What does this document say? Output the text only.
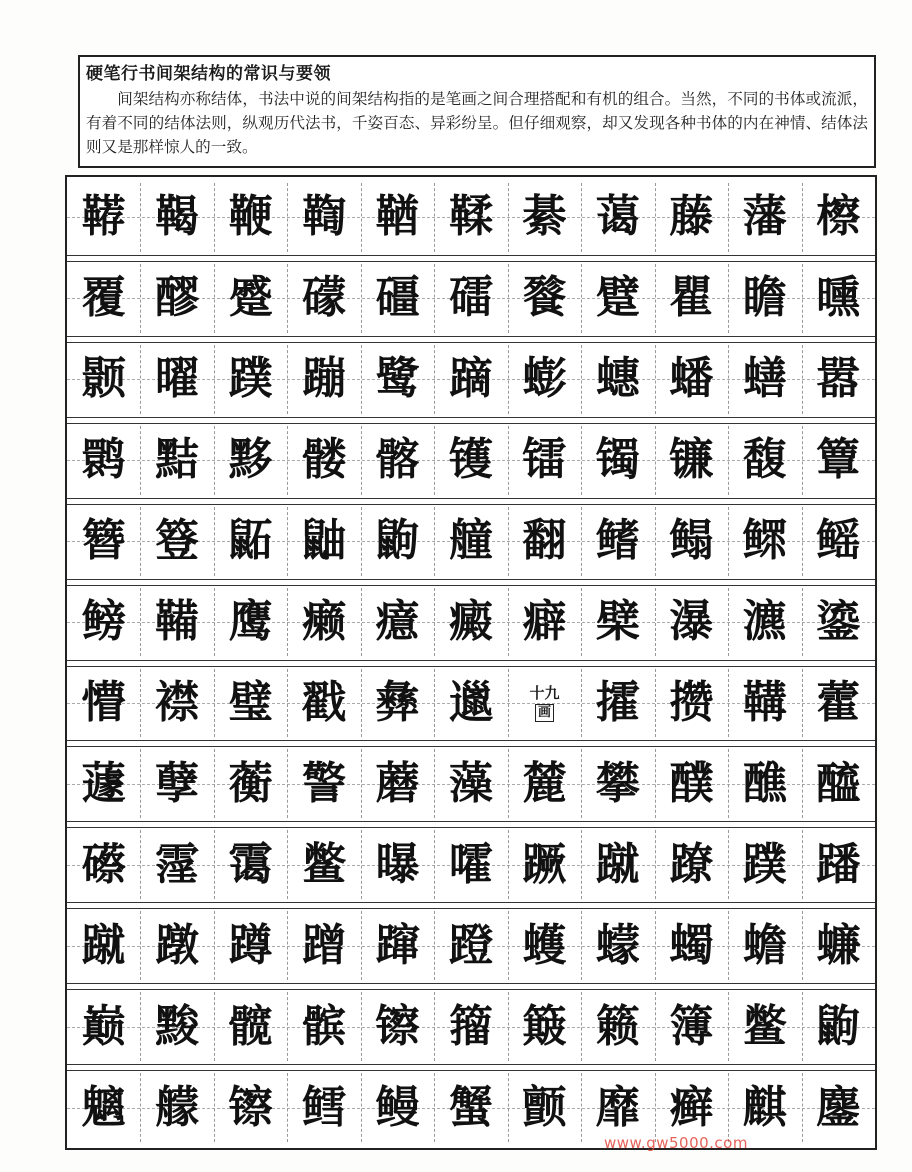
硬笔行书间架结构的常识与要领

间架结构亦称结体，书法中说的间架结构指的是笔画之间合理搭配和有机的组合。当然，不同的书体或流派，有着不同的结体法则，纵观历代法书，千姿百态、异彩纷呈。但仔细观察，却又发现各种书体的内在神情、结体法则又是那样惊人的一致。

鞯 鞨 鞭 鞫 鞧 鞣 綦 蔼 藤 藩 檫
覆 醪 蹙 礞 礓 礌 餮 躄 瞿 瞻 曛
颢 曜 蹼 蹦 鹭 蹢 蟛 蟪 蟠 蟮 嚣
鹮 黠 黟 髅 髂 镬 镭 镯 镰 馥 簟
簪 簦 鼫 鼬 鼩 艟 翻 鳍 鳎 鳏 鳐
鳑 鞴 鹰 癞 癔 癜 癖 檗 瀑 瀌 鎏
懵 襟 璧 戳 彝 邋	十九
画	攉 攒 鞲 藿
蘧 孽 蘅 警 蘑 藻 麓 攀 醭 醮 醯
礤 霪 霭 鳖 曝 嚯 蹶 蹴 蹽 蹼 蹯
蹴 蹾 蹲 蹭 蹿 蹬 蠖 蠓 蠋 蟾 蠊
巅 黢 髋 髌 镲 籀 簸 籁 簿 鳖 鼩
魑 艨 镲 鳕 鳗 蟹 颤 靡 癣 麒 鏖
www.gw5000.com
